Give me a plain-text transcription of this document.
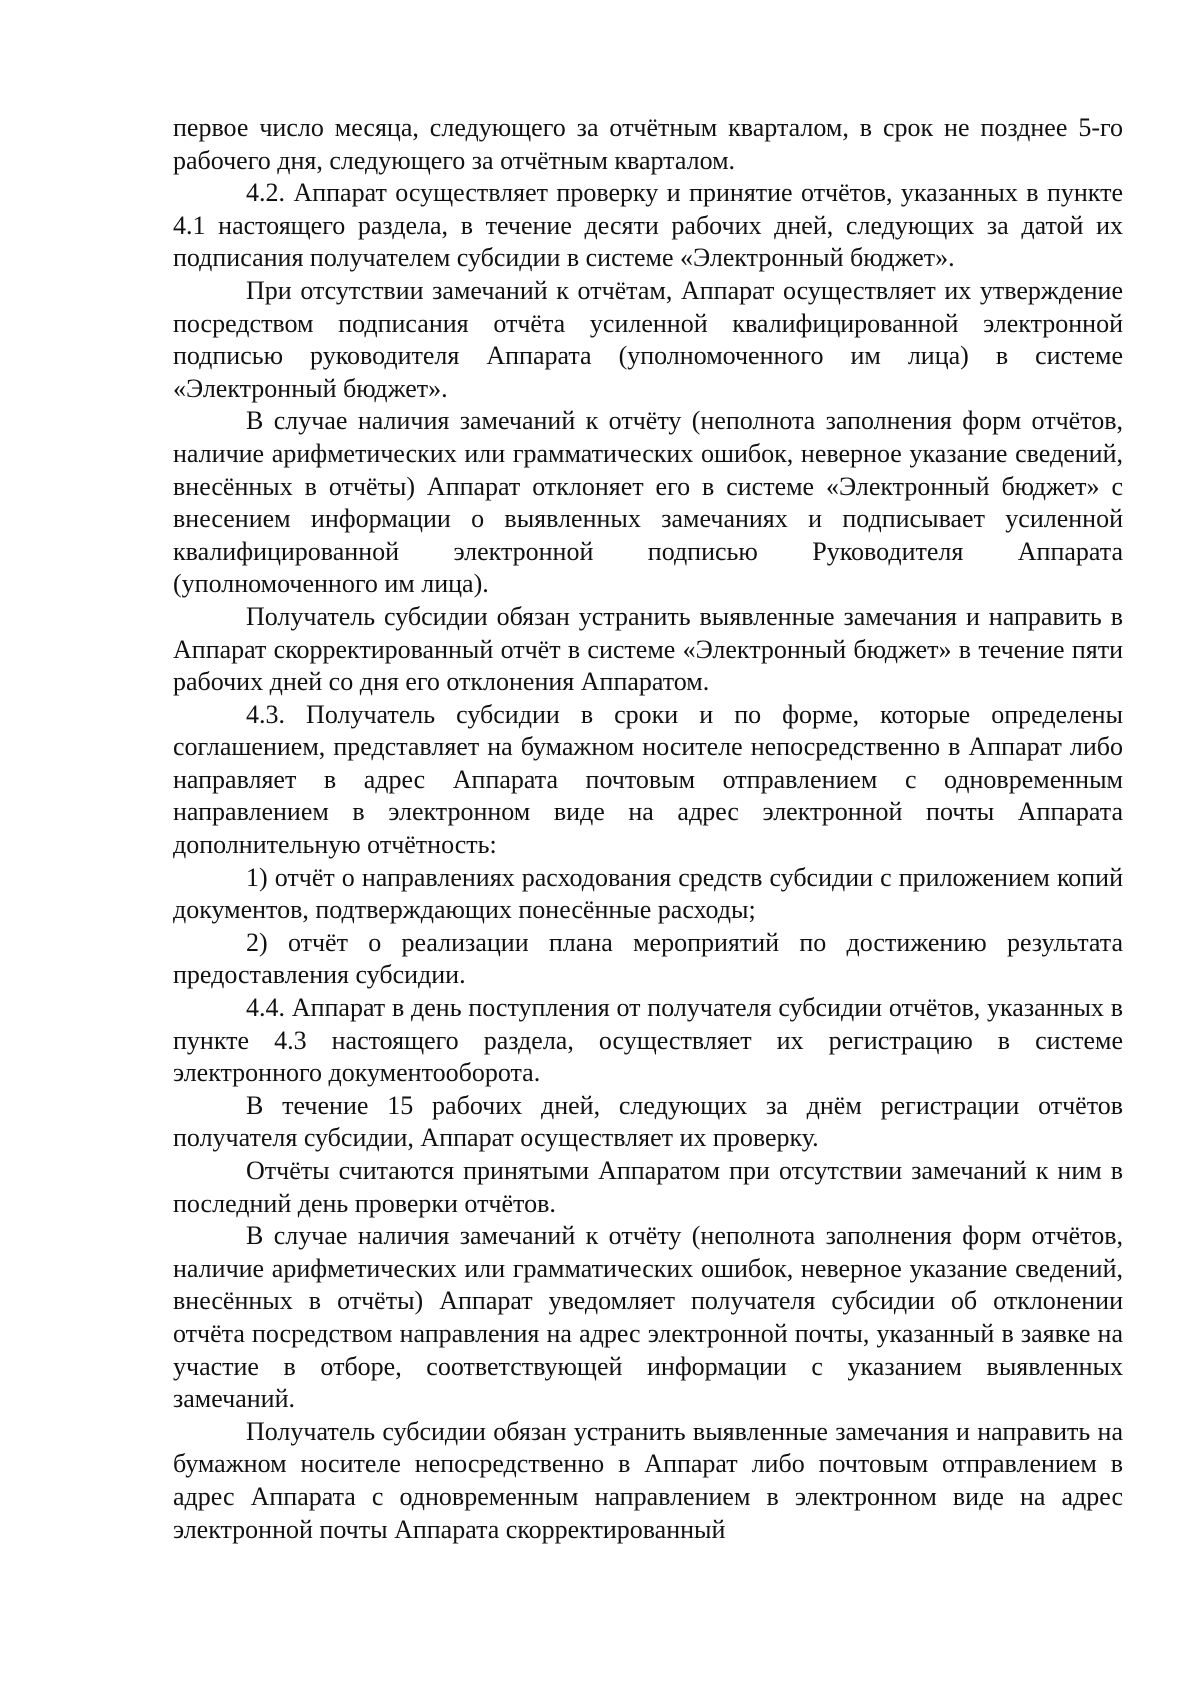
первое число месяца, следующего за отчётным кварталом, в срок не позднее 5-го рабочего дня, следующего за отчётным кварталом.

4.2. Аппарат осуществляет проверку и принятие отчётов, указанных в пункте 4.1 настоящего раздела, в течение десяти рабочих дней, следующих за датой их подписания получателем субсидии в системе «Электронный бюджет».

При отсутствии замечаний к отчётам, Аппарат осуществляет их утверждение посредством подписания отчёта усиленной квалифицированной электронной подписью руководителя Аппарата (уполномоченного им лица) в системе «Электронный бюджет».

В случае наличия замечаний к отчёту (неполнота заполнения форм отчётов, наличие арифметических или грамматических ошибок, неверное указание сведений, внесённых в отчёты) Аппарат отклоняет его в системе «Электронный бюджет» с внесением информации о выявленных замечаниях и подписывает усиленной квалифицированной электронной подписью Руководителя Аппарата (уполномоченного им лица).

Получатель субсидии обязан устранить выявленные замечания и направить в Аппарат скорректированный отчёт в системе «Электронный бюджет» в течение пяти рабочих дней со дня его отклонения Аппаратом.

4.3. Получатель субсидии в сроки и по форме, которые определены соглашением, представляет на бумажном носителе непосредственно в Аппарат либо направляет в адрес Аппарата почтовым отправлением с одновременным направлением в электронном виде на адрес электронной почты Аппарата дополнительную отчётность:

1) отчёт о направлениях расходования средств субсидии с приложением копий документов, подтверждающих понесённые расходы;

2) отчёт о реализации плана мероприятий по достижению результата предоставления субсидии.

4.4. Аппарат в день поступления от получателя субсидии отчётов, указанных в пункте 4.3 настоящего раздела, осуществляет их регистрацию в системе электронного документооборота.

В течение 15 рабочих дней, следующих за днём регистрации отчётов получателя субсидии, Аппарат осуществляет их проверку.

Отчёты считаются принятыми Аппаратом при отсутствии замечаний к ним в последний день проверки отчётов.

В случае наличия замечаний к отчёту (неполнота заполнения форм отчётов, наличие арифметических или грамматических ошибок, неверное указание сведений, внесённых в отчёты) Аппарат уведомляет получателя субсидии об отклонении отчёта посредством направления на адрес электронной почты, указанный в заявке на участие в отборе, соответствующей информации с указанием выявленных замечаний.

Получатель субсидии обязан устранить выявленные замечания и направить на бумажном носителе непосредственно в Аппарат либо почтовым отправлением в адрес Аппарата с одновременным направлением в электронном виде на адрес электронной почты Аппарата скорректированный
